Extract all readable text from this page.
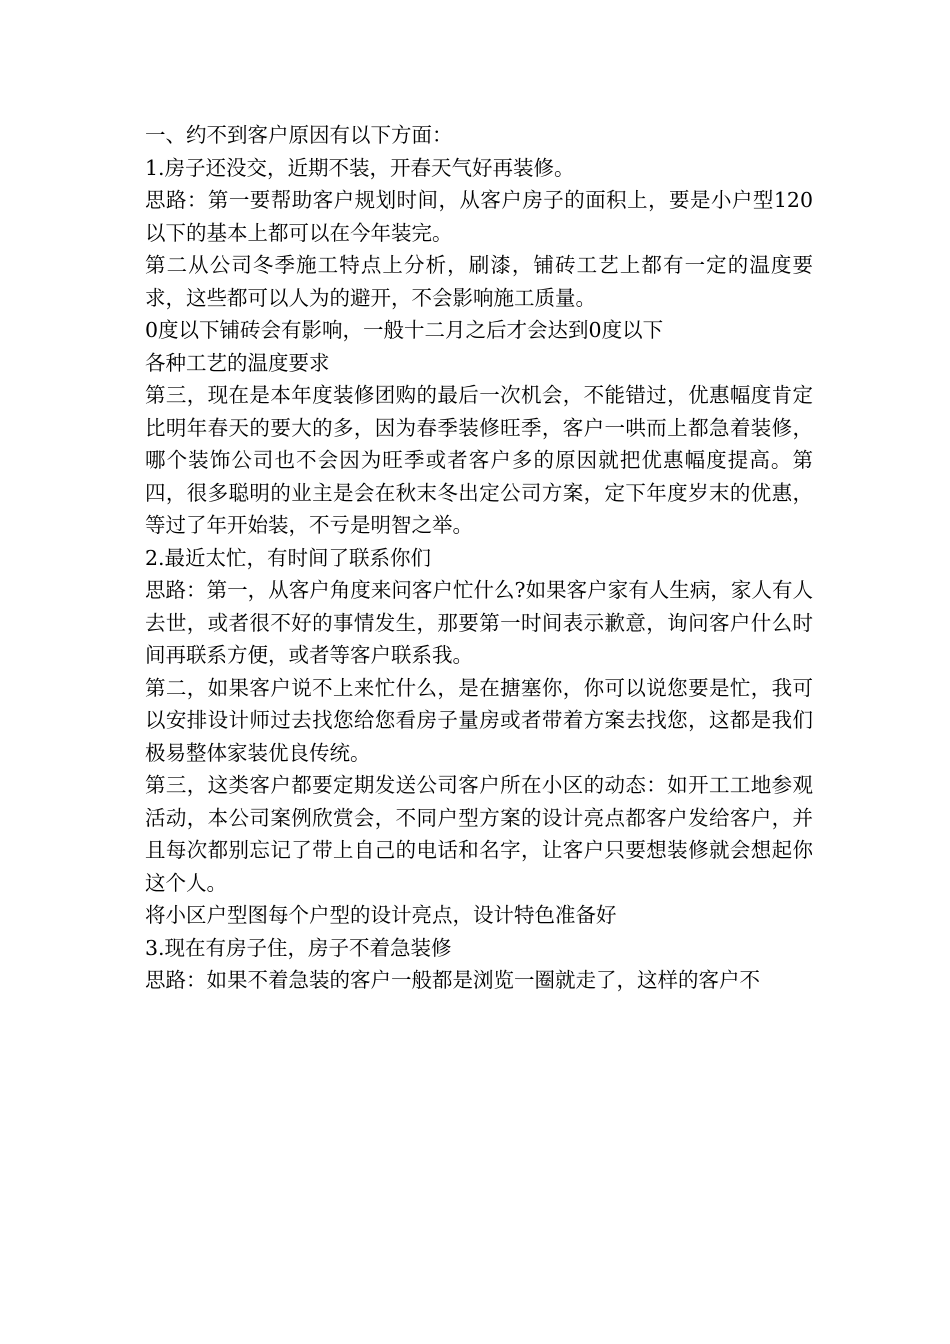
一、约不到客户原因有以下方面：

1.房子还没交，近期不装，开春天气好再装修。

思路：第一要帮助客户规划时间，从客户房子的面积上，要是小户型120以下的基本上都可以在今年装完。

第二从公司冬季施工特点上分析，刷漆，铺砖工艺上都有一定的温度要求，这些都可以人为的避开，不会影响施工质量。

0度以下铺砖会有影响，一般十二月之后才会达到0度以下

各种工艺的温度要求

第三，现在是本年度装修团购的最后一次机会，不能错过，优惠幅度肯定比明年春天的要大的多，因为春季装修旺季，客户一哄而上都急着装修，哪个装饰公司也不会因为旺季或者客户多的原因就把优惠幅度提高。第四，很多聪明的业主是会在秋末冬出定公司方案，定下年度岁末的优惠，等过了年开始装，不亏是明智之举。

2.最近太忙，有时间了联系你们

思路：第一，从客户角度来问客户忙什么?如果客户家有人生病，家人有人去世，或者很不好的事情发生，那要第一时间表示歉意，询问客户什么时间再联系方便，或者等客户联系我。

第二，如果客户说不上来忙什么，是在搪塞你，你可以说您要是忙，我可以安排设计师过去找您给您看房子量房或者带着方案去找您，这都是我们极易整体家装优良传统。

第三，这类客户都要定期发送公司客户所在小区的动态：如开工工地参观活动，本公司案例欣赏会，不同户型方案的设计亮点都客户发给客户，并且每次都别忘记了带上自己的电话和名字，让客户只要想装修就会想起你这个人。

将小区户型图每个户型的设计亮点，设计特色准备好

3.现在有房子住，房子不着急装修

思路：如果不着急装的客户一般都是浏览一圈就走了，这样的客户不
